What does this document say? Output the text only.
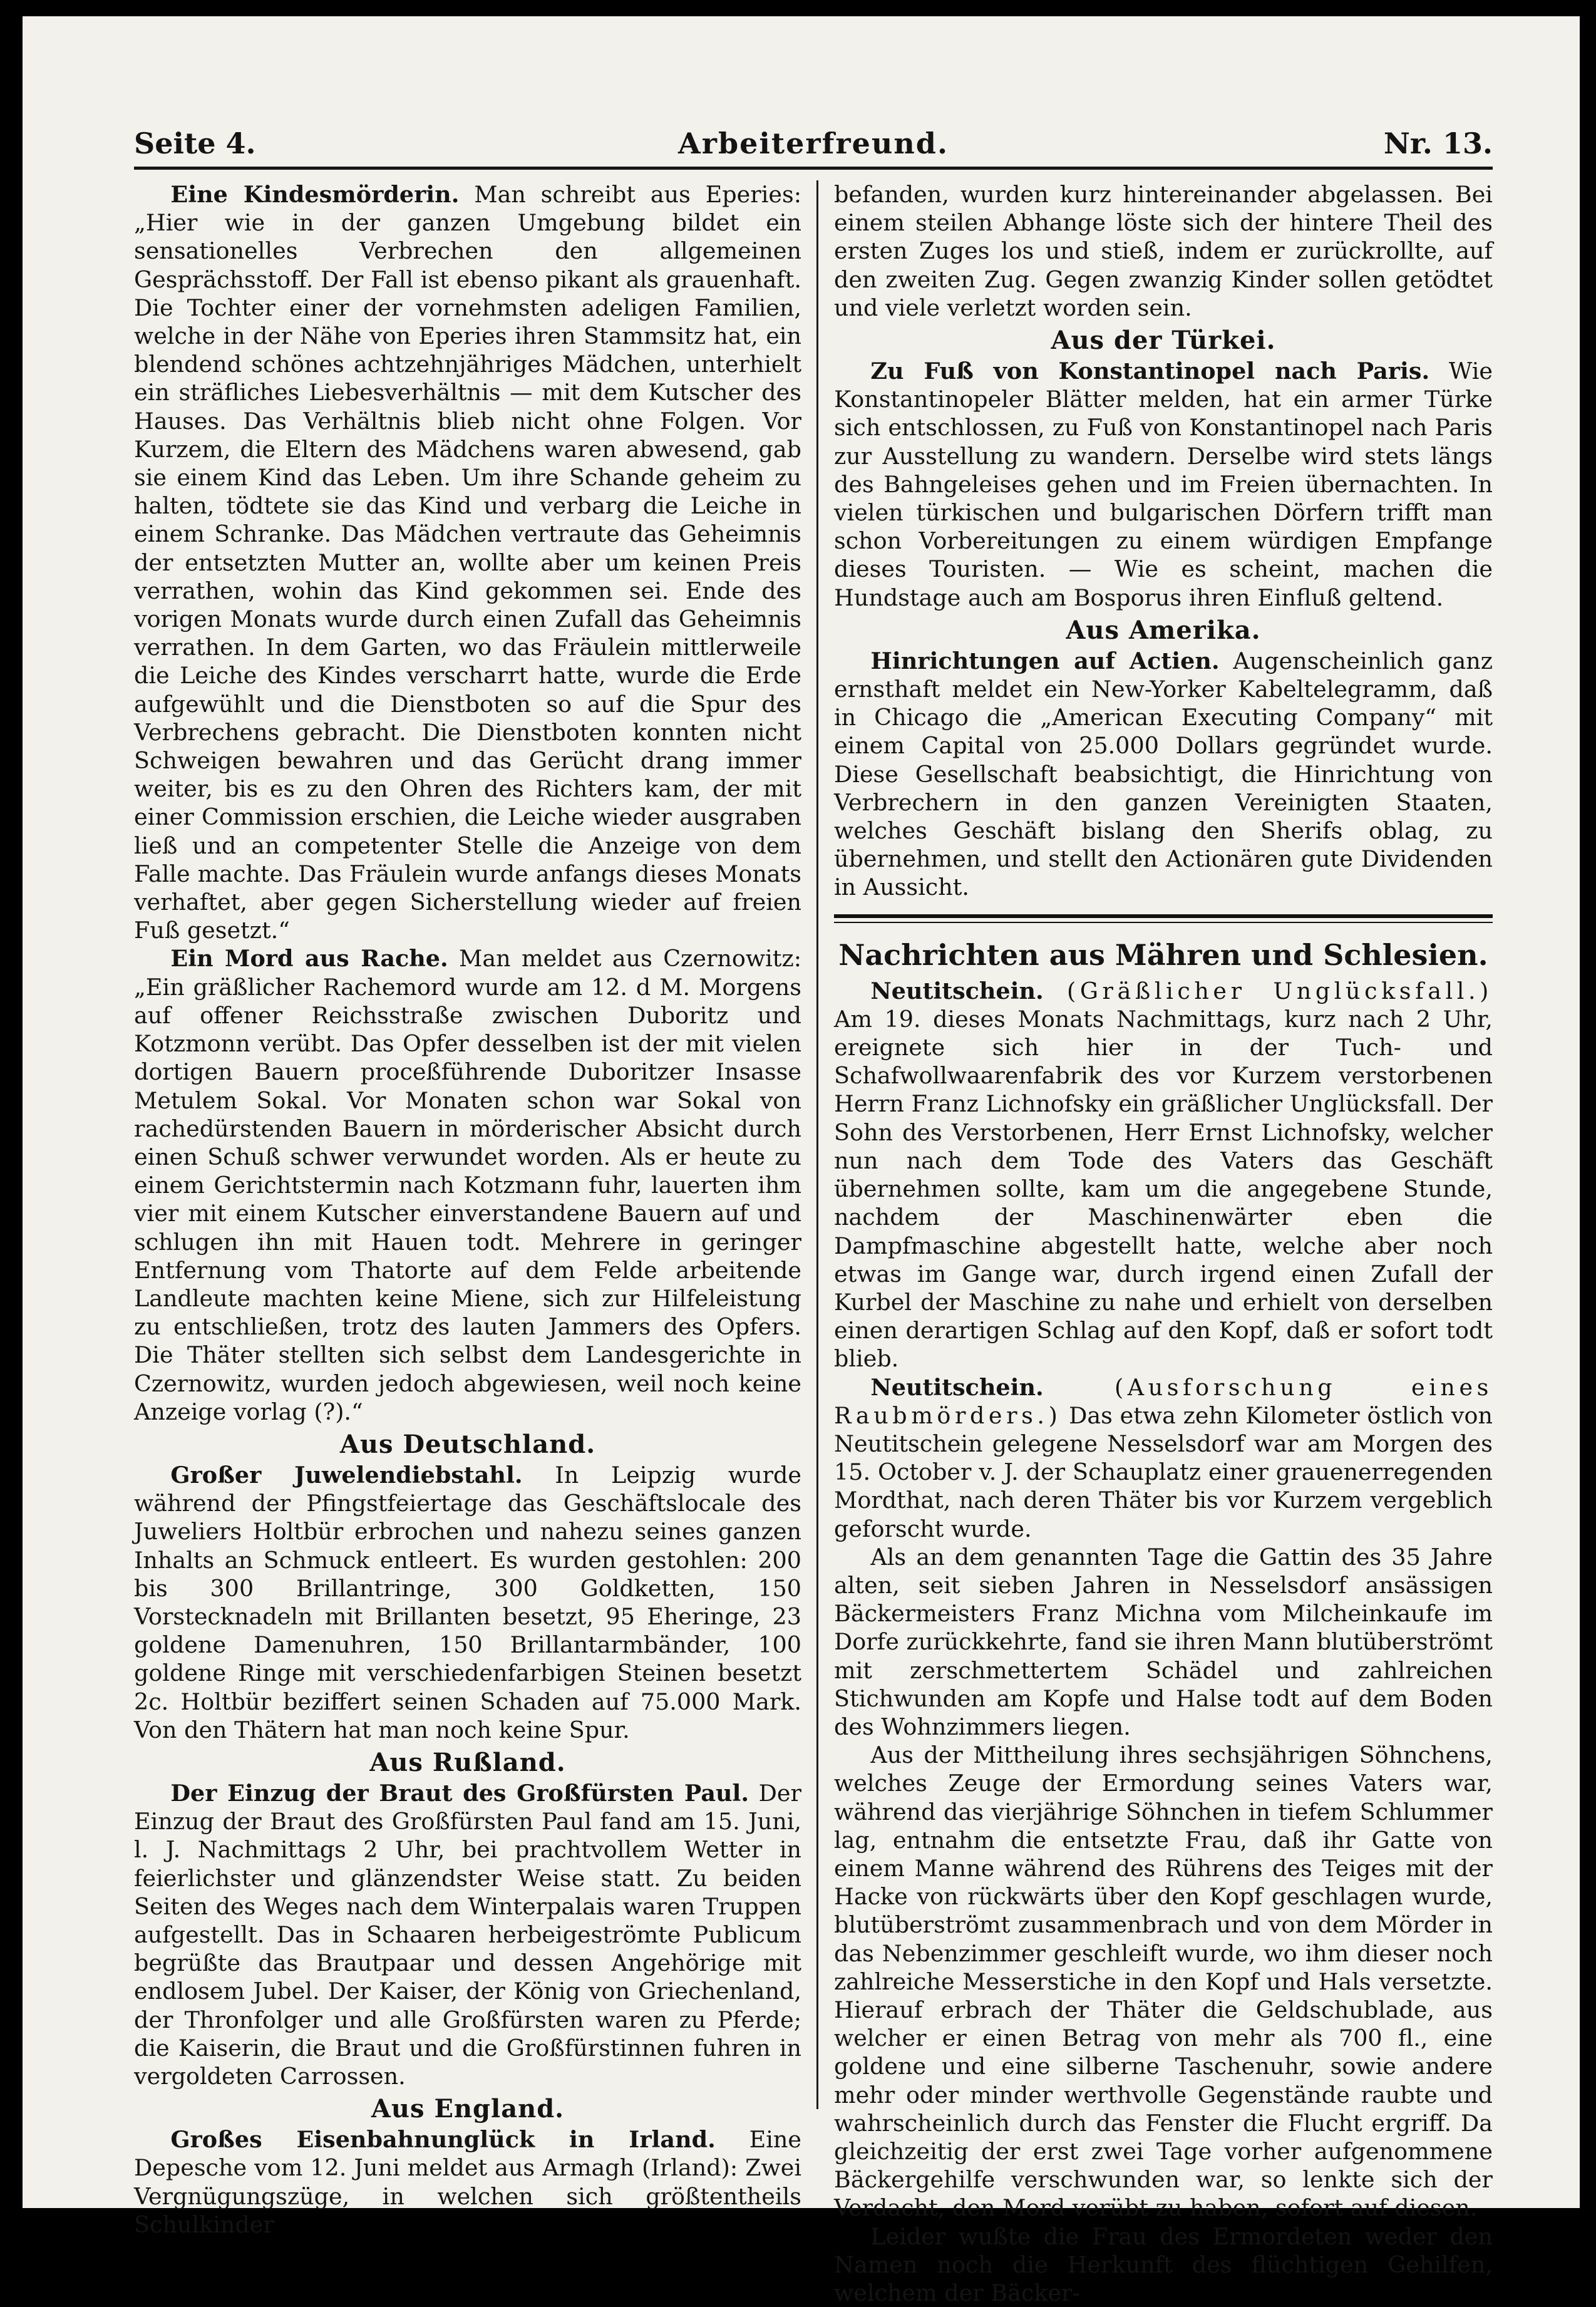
Seite 4.	Arbeiterfreund.	Nr. 13.

Eine Kindesmörderin. Man schreibt aus Eperies: „Hier wie in der ganzen Umgebung bildet ein sensationelles Verbrechen den allgemeinen Gesprächsstoff. Der Fall ist ebenso pikant als grauenhaft. Die Tochter einer der vornehmsten adeligen Familien, welche in der Nähe von Eperies ihren Stammsitz hat, ein blendend schönes achtzehnjähriges Mädchen, unterhielt ein sträfliches Liebesverhältnis — mit dem Kutscher des Hauses. Das Verhältnis blieb nicht ohne Folgen. Vor Kurzem, die Eltern des Mädchens waren abwesend, gab sie einem Kind das Leben. Um ihre Schande geheim zu halten, tödtete sie das Kind und verbarg die Leiche in einem Schranke. Das Mädchen vertraute das Geheimnis der entsetzten Mutter an, wollte aber um keinen Preis verrathen, wohin das Kind gekommen sei. Ende des vorigen Monats wurde durch einen Zufall das Geheimnis verrathen. In dem Garten, wo das Fräulein mittlerweile die Leiche des Kindes verscharrt hatte, wurde die Erde aufgewühlt und die Dienstboten so auf die Spur des Verbrechens gebracht. Die Dienstboten konnten nicht Schweigen bewahren und das Gerücht drang immer weiter, bis es zu den Ohren des Richters kam, der mit einer Commission erschien, die Leiche wieder ausgraben ließ und an competenter Stelle die Anzeige von dem Falle machte. Das Fräulein wurde anfangs dieses Monats verhaftet, aber gegen Sicherstellung wieder auf freien Fuß gesetzt.“

Ein Mord aus Rache. Man meldet aus Czernowitz: „Ein gräßlicher Rachemord wurde am 12. d M. Morgens auf offener Reichsstraße zwischen Duboritz und Kotzmonn verübt. Das Opfer desselben ist der mit vielen dortigen Bauern proceßführende Duboritzer Insasse Metulem Sokal. Vor Monaten schon war Sokal von rachedürstenden Bauern in mörderischer Absicht durch einen Schuß schwer verwundet worden. Als er heute zu einem Gerichtstermin nach Kotzmann fuhr, lauerten ihm vier mit einem Kutscher einverstandene Bauern auf und schlugen ihn mit Hauen todt. Mehrere in geringer Entfernung vom Thatorte auf dem Felde arbeitende Landleute machten keine Miene, sich zur Hilfeleistung zu entschließen, trotz des lauten Jammers des Opfers. Die Thäter stellten sich selbst dem Landesgerichte in Czernowitz, wurden jedoch abgewiesen, weil noch keine Anzeige vorlag (?).“

Aus Deutschland.

Großer Juwelendiebstahl. In Leipzig wurde während der Pfingstfeiertage das Geschäftslocale des Juweliers Holtbür erbrochen und nahezu seines ganzen Inhalts an Schmuck entleert. Es wurden gestohlen: 200 bis 300 Brillantringe, 300 Goldketten, 150 Vorstecknadeln mit Brillanten besetzt, 95 Eheringe, 23 goldene Damenuhren, 150 Brillantarmbänder, 100 goldene Ringe mit verschiedenfarbigen Steinen besetzt 2c. Holtbür beziffert seinen Schaden auf 75.000 Mark. Von den Thätern hat man noch keine Spur.

Aus Rußland.

Der Einzug der Braut des Großfürsten Paul. Der Einzug der Braut des Großfürsten Paul fand am 15. Juni, l. J. Nachmittags 2 Uhr, bei prachtvollem Wetter in feierlichster und glänzendster Weise statt. Zu beiden Seiten des Weges nach dem Winterpalais waren Truppen aufgestellt. Das in Schaaren herbeigeströmte Publicum begrüßte das Brautpaar und dessen Angehörige mit endlosem Jubel. Der Kaiser, der König von Griechenland, der Thronfolger und alle Großfürsten waren zu Pferde; die Kaiserin, die Braut und die Großfürstinnen fuhren in vergoldeten Carrossen.

Aus England.

Großes Eisenbahnunglück in Irland. Eine Depesche vom 12. Juni meldet aus Armagh (Irland): Zwei Vergnügungszüge, in welchen sich größtentheils Schulkinder

befanden, wurden kurz hintereinander abgelassen. Bei einem steilen Abhange löste sich der hintere Theil des ersten Zuges los und stieß, indem er zurückrollte, auf den zweiten Zug. Gegen zwanzig Kinder sollen getödtet und viele verletzt worden sein.

Aus der Türkei.

Zu Fuß von Konstantinopel nach Paris. Wie Konstantinopeler Blätter melden, hat ein armer Türke sich entschlossen, zu Fuß von Konstantinopel nach Paris zur Ausstellung zu wandern. Derselbe wird stets längs des Bahngeleises gehen und im Freien übernachten. In vielen türkischen und bulgarischen Dörfern trifft man schon Vorbereitungen zu einem würdigen Empfange dieses Touristen. — Wie es scheint, machen die Hundstage auch am Bosporus ihren Einfluß geltend.

Aus Amerika.

Hinrichtungen auf Actien. Augenscheinlich ganz ernsthaft meldet ein New-Yorker Kabeltelegramm, daß in Chicago die „American Executing Company“ mit einem Capital von 25.000 Dollars gegründet wurde. Diese Gesellschaft beabsichtigt, die Hinrichtung von Verbrechern in den ganzen Vereinigten Staaten, welches Geschäft bislang den Sherifs oblag, zu übernehmen, und stellt den Actionären gute Dividenden in Aussicht.

Nachrichten aus Mähren und Schlesien.

Neutitschein. (Gräßlicher Unglücksfall.) Am 19. dieses Monats Nachmittags, kurz nach 2 Uhr, ereignete sich hier in der Tuch- und Schafwollwaarenfabrik des vor Kurzem verstorbenen Herrn Franz Lichnofsky ein gräßlicher Unglücksfall. Der Sohn des Verstorbenen, Herr Ernst Lichnofsky, welcher nun nach dem Tode des Vaters das Geschäft übernehmen sollte, kam um die angegebene Stunde, nachdem der Maschinenwärter eben die Dampfmaschine abgestellt hatte, welche aber noch etwas im Gange war, durch irgend einen Zufall der Kurbel der Maschine zu nahe und erhielt von derselben einen derartigen Schlag auf den Kopf, daß er sofort todt blieb.

Neutitschein.	(Ausforschung eines Raubmörders.) Das etwa zehn Kilometer östlich von Neutitschein gelegene Nesselsdorf war am Morgen des 15. October v. J. der Schauplatz einer grauenerregenden Mordthat, nach deren Thäter bis vor Kurzem vergeblich geforscht wurde.

Als an dem genannten Tage die Gattin des 35 Jahre alten, seit sieben Jahren in Nesselsdorf ansässigen Bäckermeisters Franz Michna vom Milcheinkaufe im Dorfe zurückkehrte, fand sie ihren Mann blutüberströmt mit zerschmettertem Schädel und zahlreichen Stichwunden am Kopfe und Halse todt auf dem Boden des Wohnzimmers liegen.

Aus der Mittheilung ihres sechsjährigen Söhnchens, welches Zeuge der Ermordung seines Vaters war, während das vierjährige Söhnchen in tiefem Schlummer lag, entnahm die entsetzte Frau, daß ihr Gatte von einem Manne während des Rührens des Teiges mit der Hacke von rückwärts über den Kopf geschlagen wurde, blutüberströmt zusammenbrach und von dem Mörder in das Nebenzimmer geschleift wurde, wo ihm dieser noch zahlreiche Messerstiche in den Kopf und Hals versetzte. Hierauf erbrach der Thäter die Geldschublade, aus welcher er einen Betrag von mehr als 700 fl., eine goldene und eine silberne Taschenuhr, sowie andere mehr oder minder werthvolle Gegenstände raubte und wahrscheinlich durch das Fenster die Flucht ergriff. Da gleichzeitig der erst zwei Tage vorher aufgenommene Bäckergehilfe verschwunden war, so lenkte sich der Verdacht, den Mord verübt zu haben, sofort auf diesen.

Leider wußte die Frau des Ermordeten weder den Namen noch die Herkunft des flüchtigen Gehilfen, welchem der Bäcker-
